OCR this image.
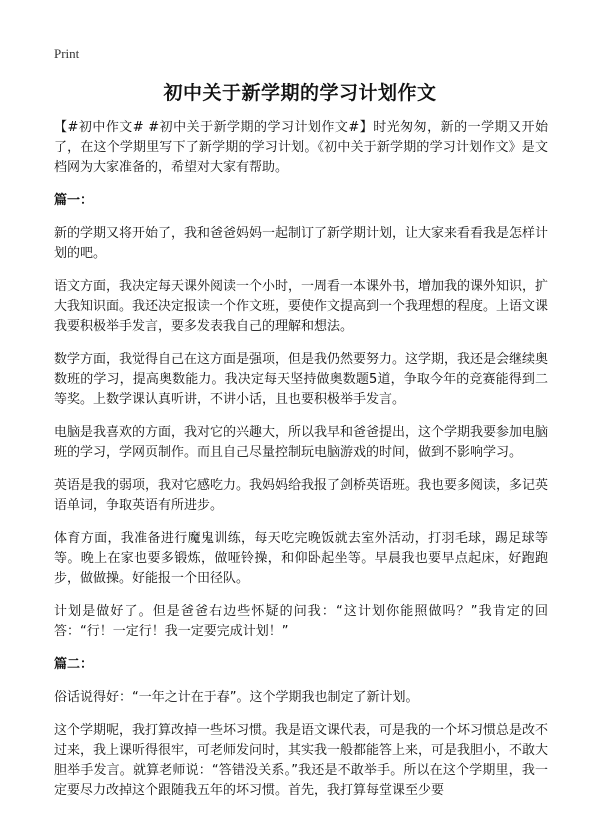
Print
初中关于新学期的学习计划作文

【#初中作文# #初中关于新学期的学习计划作文#】时光匆匆，新的一学期又开始了，在这个学期里写下了新学期的学习计划。《初中关于新学期的学习计划作文》是文档网为大家准备的，希望对大家有帮助。

篇一：

新的学期又将开始了，我和爸爸妈妈一起制订了新学期计划，让大家来看看我是怎样计划的吧。

语文方面，我决定每天课外阅读一个小时，一周看一本课外书，增加我的课外知识，扩大我知识面。我还决定报读一个作文班，要使作文提高到一个我理想的程度。上语文课我要积极举手发言，要多发表我自己的理解和想法。

数学方面，我觉得自己在这方面是强项，但是我仍然要努力。这学期，我还是会继续奥数班的学习，提高奥数能力。我决定每天坚持做奥数题5道，争取今年的竞赛能得到二等奖。上数学课认真听讲，不讲小话，且也要积极举手发言。

电脑是我喜欢的方面，我对它的兴趣大，所以我早和爸爸提出，这个学期我要参加电脑班的学习，学网页制作。而且自己尽量控制玩电脑游戏的时间，做到不影响学习。

英语是我的弱项，我对它感吃力。我妈妈给我报了剑桥英语班。我也要多阅读，多记英语单词，争取英语有所进步。

体育方面，我准备进行魔鬼训练，每天吃完晚饭就去室外活动，打羽毛球，踢足球等等。晚上在家也要多锻炼，做哑铃操，和仰卧起坐等。早晨我也要早点起床，好跑跑步，做做操。好能报一个田径队。

计划是做好了。但是爸爸右边些怀疑的问我：“这计划你能照做吗？”我肯定的回答：“行！一定行！我一定要完成计划！”

篇二：

俗话说得好：“一年之计在于春”。这个学期我也制定了新计划。

这个学期呢，我打算改掉一些坏习惯。我是语文课代表，可是我的一个坏习惯总是改不过来，我上课听得很牢，可老师发问时，其实我一般都能答上来，可是我胆小，不敢大胆举手发言。就算老师说：“答错没关系。”我还是不敢举手。所以在这个学期里，我一定要尽力改掉这个跟随我五年的坏习惯。首先，我打算每堂课至少要
